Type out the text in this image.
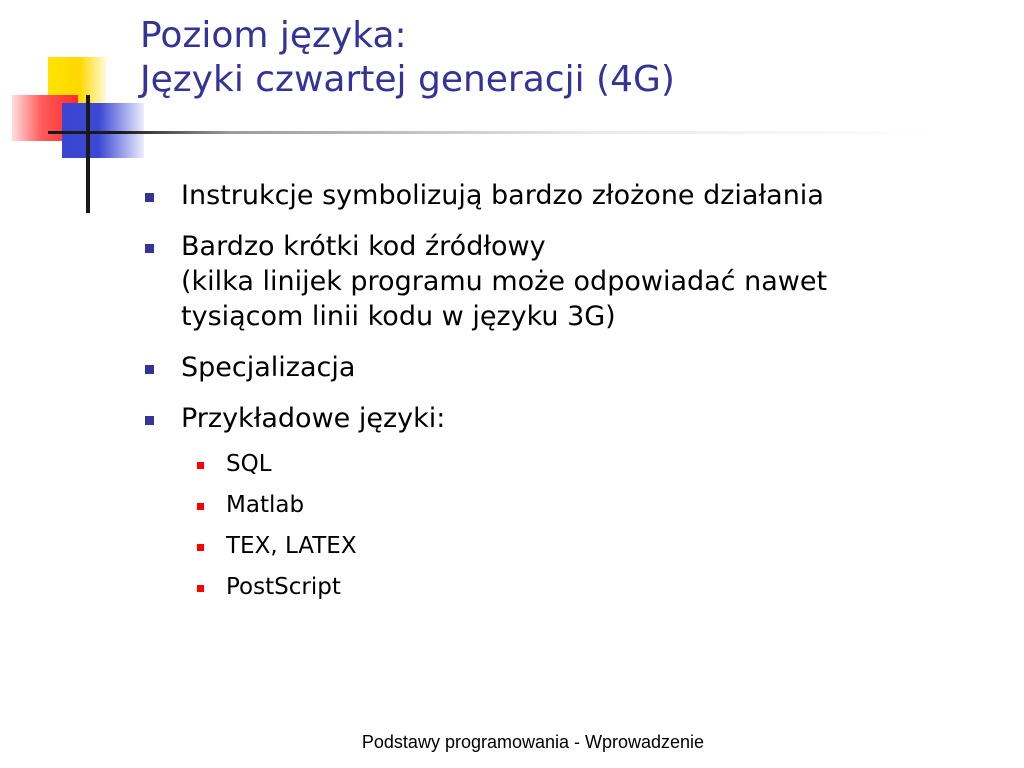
Poziom języka:
Języki czwartej generacji (4G)
Instrukcje symbolizują bardzo złożone działania
Bardzo krótki kod źródłowy
(kilka linijek programu może odpowiadać nawet
tysiącom linii kodu w języku 3G)
Specjalizacja
Przykładowe języki:
SQL
Matlab
TEX, LATEX
PostScript
Podstawy programowania - Wprowadzenie
